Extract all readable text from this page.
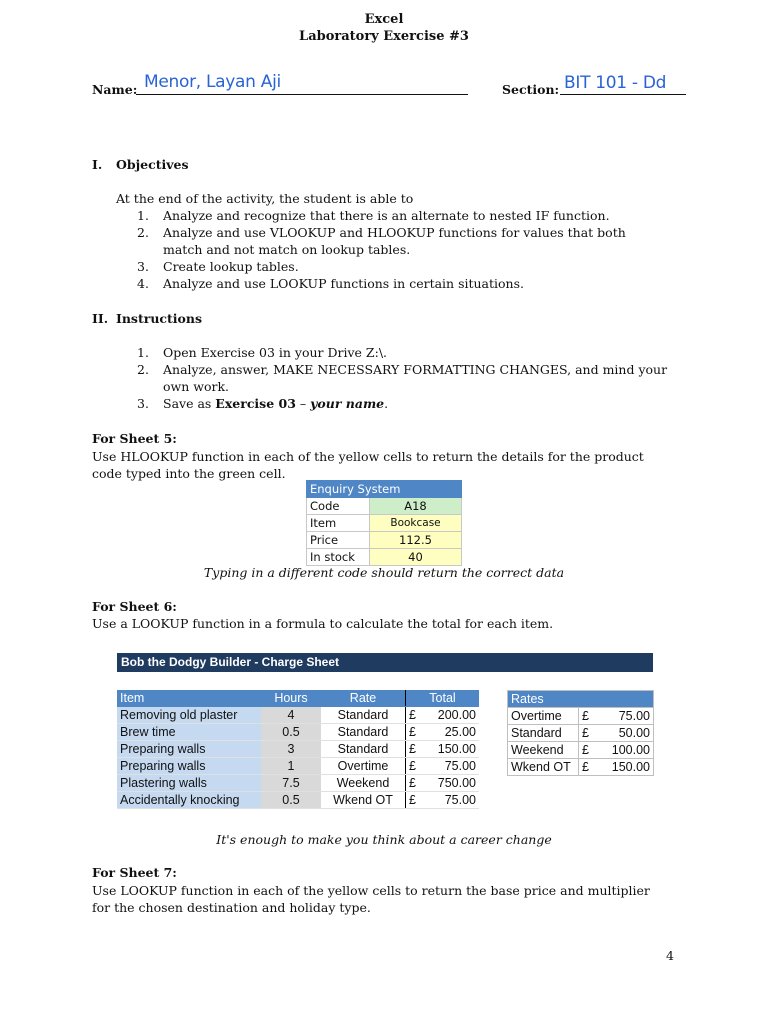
Excel
Laboratory Exercise #3
Name: Menor, Layan Aji	Section: BIT 101 - Dd
I. Objectives
At the end of the activity, the student is able to
1.	Analyze and recognize that there is an alternate to nested IF function.
2.	Analyze and use VLOOKUP and HLOOKUP functions for values that both
match and not match on lookup tables.
3.	Create lookup tables.
4.	Analyze and use LOOKUP functions in certain situations.
II. Instructions
1.	Open Exercise 03 in your Drive Z:\.
2.	Analyze, answer, MAKE NECESSARY FORMATTING CHANGES, and mind your
own work.
3.	Save as Exercise 03 – your name.
For Sheet 5:
Use HLOOKUP function in each of the yellow cells to return the details for the product
code typed into the green cell.
Enquiry System	
Code	A18
Item	Bookcase
Price	112.5
In stock	40
Typing in a different code should return the correct data
For Sheet 6:
Use a LOOKUP function in a formula to calculate the total for each item.
Bob the Dodgy Builder - Charge Sheet
Item	Hours	Rate	Total	
Removing old plaster	4	Standard	£	200.00
Brew time	0.5	Standard	£	25.00
Preparing walls	3	Standard	£	150.00
Preparing walls	1	Overtime	£	75.00
Plastering walls	7.5	Weekend	£	750.00
Accidentally knocking	0.5	Wkend OT	£	75.00
Rates		
Overtime	£	75.00
Standard	£	50.00
Weekend	£	100.00
Wkend OT	£	150.00
It's enough to make you think about a career change
For Sheet 7:
Use LOOKUP function in each of the yellow cells to return the base price and multiplier
for the chosen destination and holiday type.
4
